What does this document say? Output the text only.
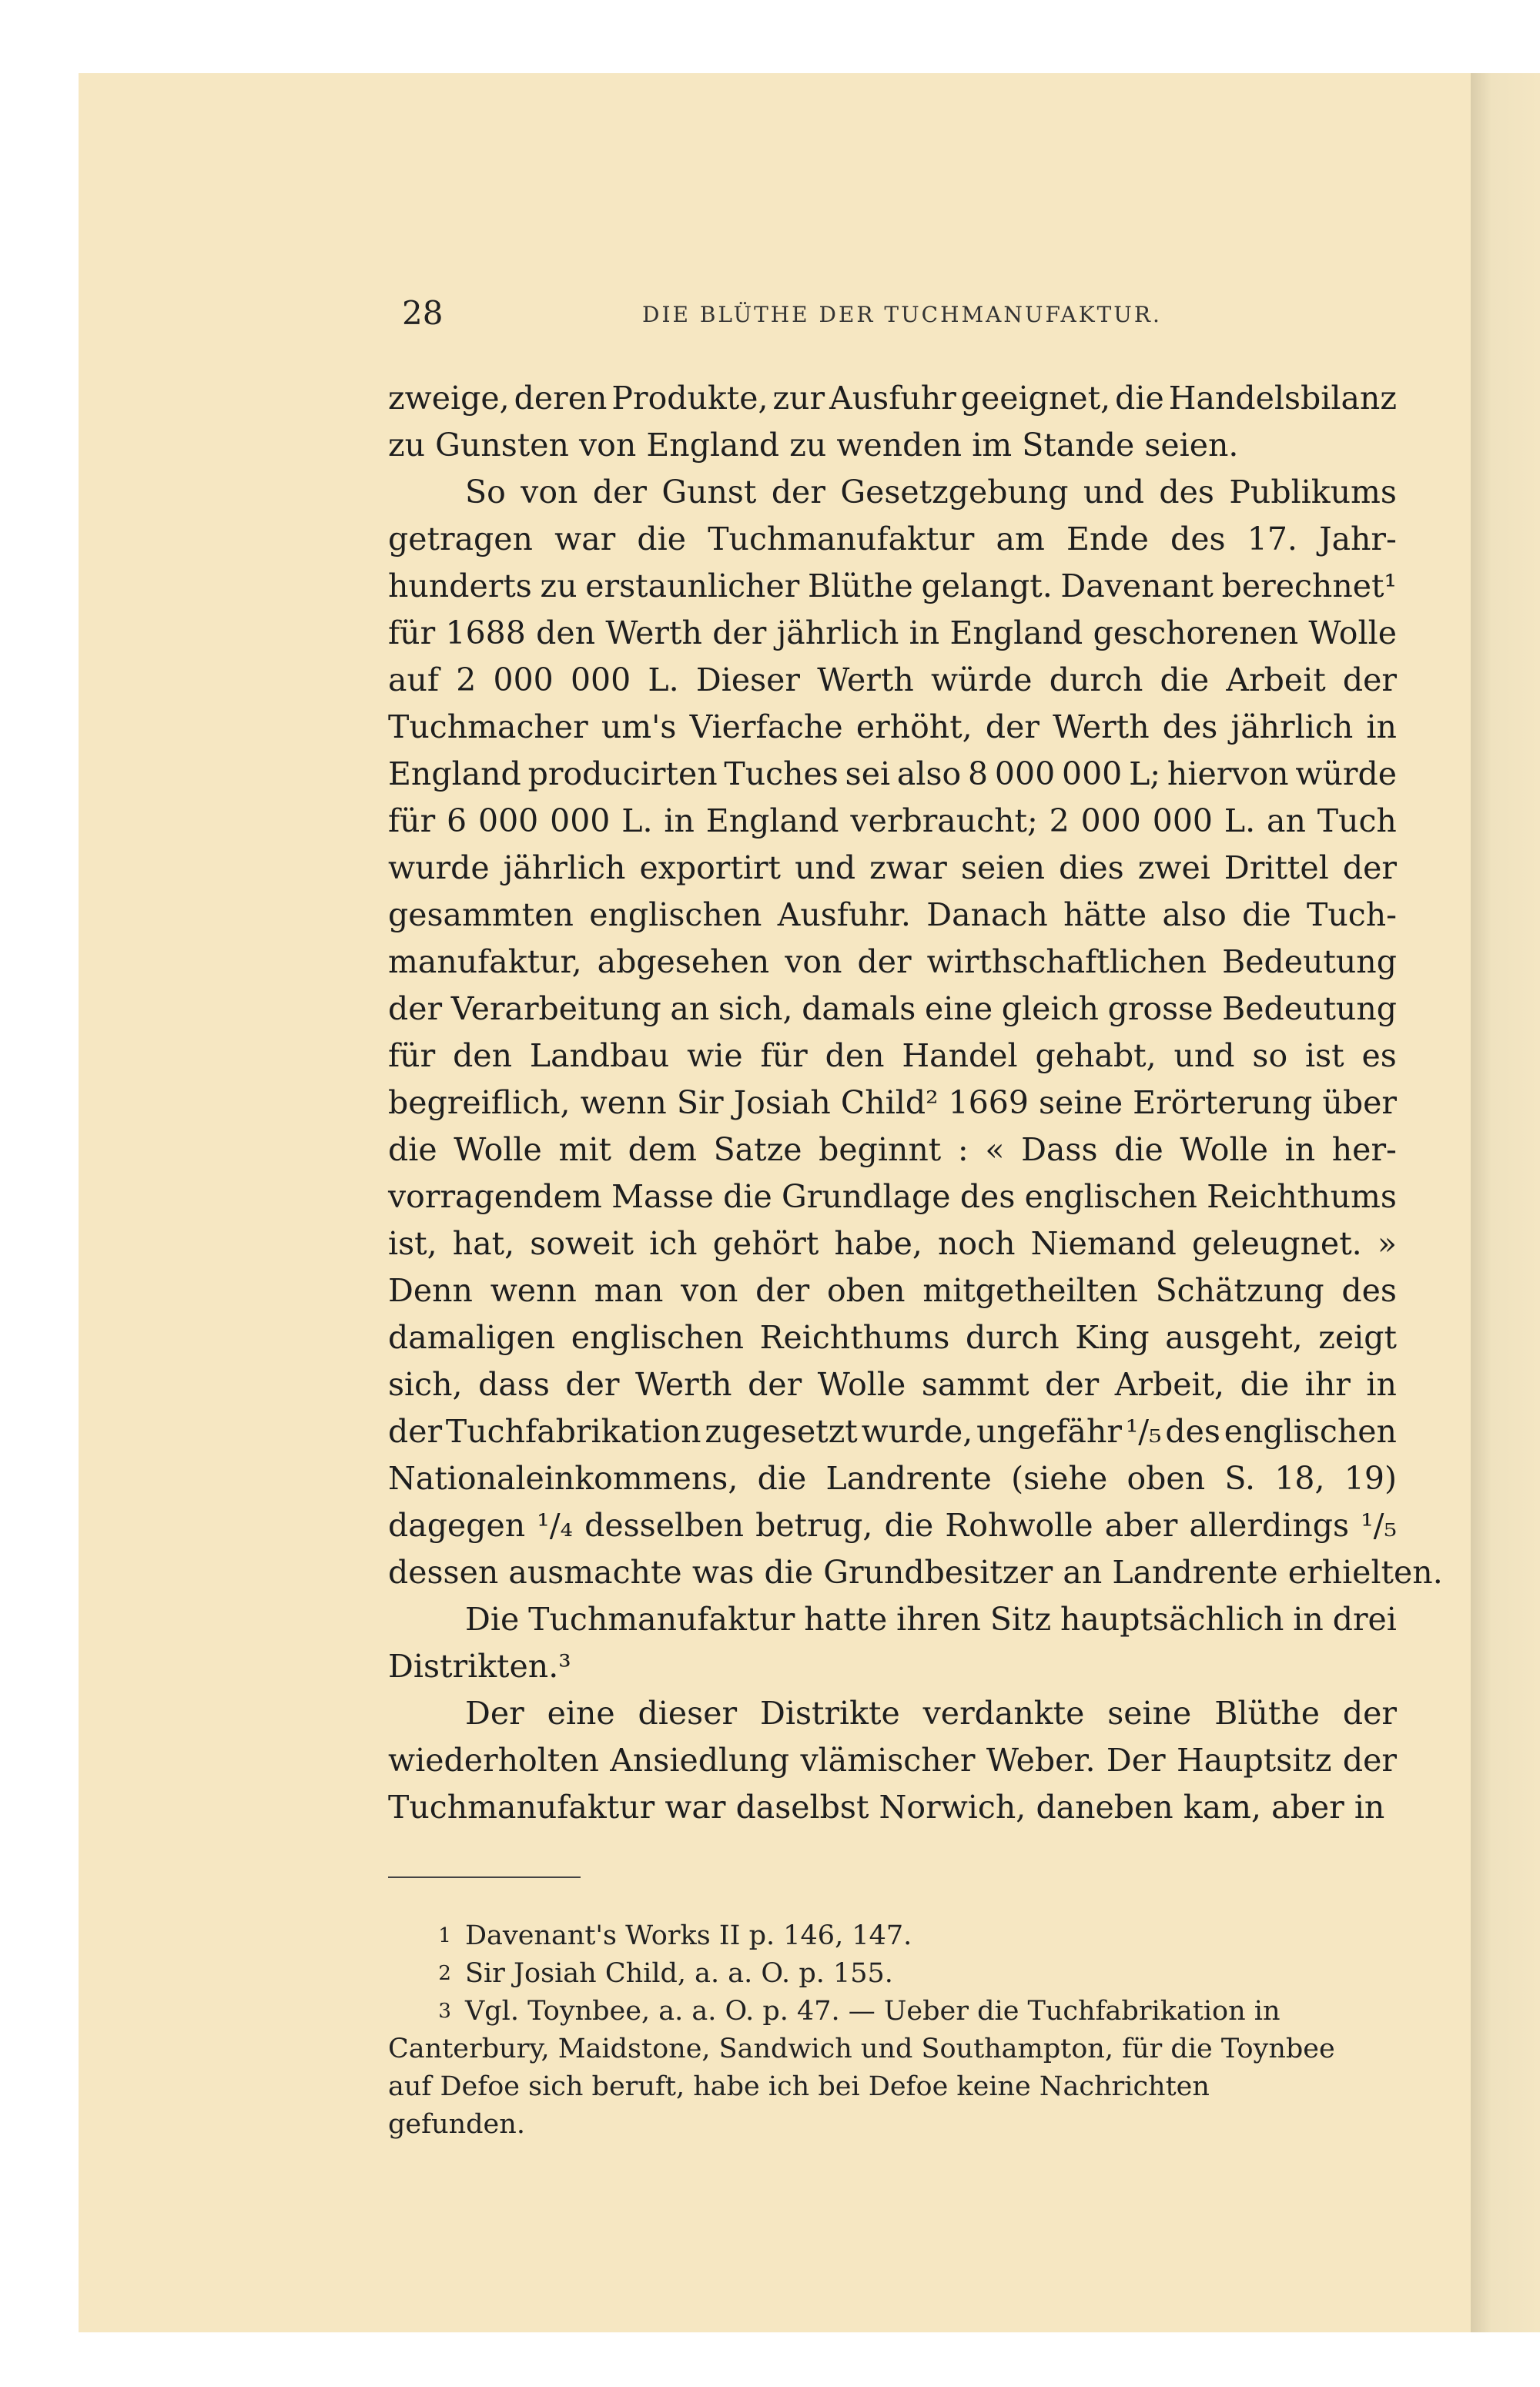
28	DIE BLÜTHE DER TUCHMANUFAKTUR.
zweige, deren Produkte, zur Ausfuhr geeignet, die Handelsbilanz
zu Gunsten von England zu wenden im Stande seien.
So von der Gunst der Gesetzgebung und des Publikums
getragen war die Tuchmanufaktur am Ende des 17. Jahr-
hunderts zu erstaunlicher Blüthe gelangt. Davenant berechnet¹
für 1688 den Werth der jährlich in England geschorenen Wolle
auf 2 000 000 L. Dieser Werth würde durch die Arbeit der
Tuchmacher um's Vierfache erhöht, der Werth des jährlich in
England producirten Tuches sei also 8 000 000 L; hiervon würde
für 6 000 000 L. in England verbraucht; 2 000 000 L. an Tuch
wurde jährlich exportirt und zwar seien dies zwei Drittel der
gesammten englischen Ausfuhr. Danach hätte also die Tuch-
manufaktur, abgesehen von der wirthschaftlichen Bedeutung
der Verarbeitung an sich, damals eine gleich grosse Bedeutung
für den Landbau wie für den Handel gehabt, und so ist es
begreiflich, wenn Sir Josiah Child² 1669 seine Erörterung über
die Wolle mit dem Satze beginnt : « Dass die Wolle in her-
vorragendem Masse die Grundlage des englischen Reichthums
ist, hat, soweit ich gehört habe, noch Niemand geleugnet. »
Denn wenn man von der oben mitgetheilten Schätzung des
damaligen englischen Reichthums durch King ausgeht, zeigt
sich, dass der Werth der Wolle sammt der Arbeit, die ihr in
der Tuchfabrikation zugesetzt wurde, ungefähr ¹/₅ des englischen
Nationaleinkommens, die Landrente (siehe oben S. 18, 19)
dagegen ¹/₄ desselben betrug, die Rohwolle aber allerdings ¹/₅
dessen ausmachte was die Grundbesitzer an Landrente erhielten.
Die Tuchmanufaktur hatte ihren Sitz hauptsächlich in drei
Distrikten.³
Der eine dieser Distrikte verdankte seine Blüthe der
wiederholten Ansiedlung vlämischer Weber. Der Hauptsitz der
Tuchmanufaktur war daselbst Norwich, daneben kam, aber in
1 Davenant's Works II p. 146, 147.
2 Sir Josiah Child, a. a. O. p. 155.
3 Vgl. Toynbee, a. a. O. p. 47. — Ueber die Tuchfabrikation in
Canterbury, Maidstone, Sandwich und Southampton, für die Toynbee
auf Defoe sich beruft, habe ich bei Defoe keine Nachrichten
gefunden.
